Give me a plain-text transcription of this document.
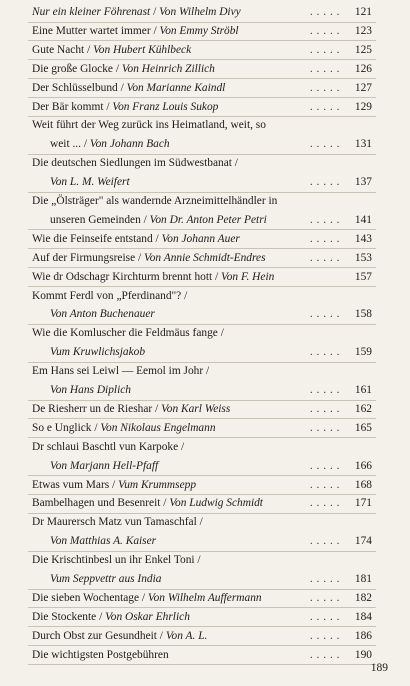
Nur ein kleiner Föhrenast / Von Wilhelm Divy	. . . . .	121
Eine Mutter wartet immer / Von Emmy Ströbl	. . . . .	123
Gute Nacht / Von Hubert Kühlbeck	. . . . .	125
Die große Glocke / Von Heinrich Zillich	. . . . .	126
Der Schlüsselbund / Von Marianne Kaindl	. . . . .	127
Der Bär kommt / Von Franz Louis Sukop	. . . . .	129
Weit führt der Weg zurück ins Heimatland, weit, so
weit ... / Von Johann Bach	. . . . .	131
Die deutschen Siedlungen im Südwestbanat /
Von L. M. Weifert	. . . . .	137
Die „Ölsträger" als wandernde Arzneimittelhändler in
unseren Gemeinden / Von Dr. Anton Peter Petri	. . . . .	141
Wie die Feinseife entstand / Von Johann Auer	. . . . .	143
Auf der Firmungsreise / Von Annie Schmidt-Endres	. . . . .	153
Wie dr Odschagr Kirchturm brennt hott / Von F. Hein	157
Kommt Ferdl von „Pferdinand"? /
Von Anton Buchenauer	. . . . .	158
Wie die Komluscher die Feldmäus fange /
Vum Kruwlichsjakob	. . . . .	159
Em Hans sei Leiwl — Eemol im Johr /
Von Hans Diplich	. . . . .	161
De Riesherr un de Rieshar / Von Karl Weiss	. . . . .	162
So e Unglick / Von Nikolaus Engelmann	. . . . .	165
Dr schlaui Baschtl vun Karpoke /
Von Marjann Hell-Pfaff	. . . . .	166
Etwas vum Mars / Vum Krummsepp	. . . . .	168
Bambelhagen und Besenreit / Von Ludwig Schmidt	. . . . .	171
Dr Maurersch Matz vun Tamaschfal /
Von Matthias A. Kaiser	. . . . .	174
Die Krischtinbesl un ihr Enkel Toni /
Vum Seppvettr aus India	. . . . .	181
Die sieben Wochentage / Von Wilhelm Auffermann	. . . . .	182
Die Stockente / Von Oskar Ehrlich	. . . . .	184
Durch Obst zur Gesundheit / Von A. L.	. . . . .	186
Die wichtigsten Postgebühren	. . . . .	190
189
